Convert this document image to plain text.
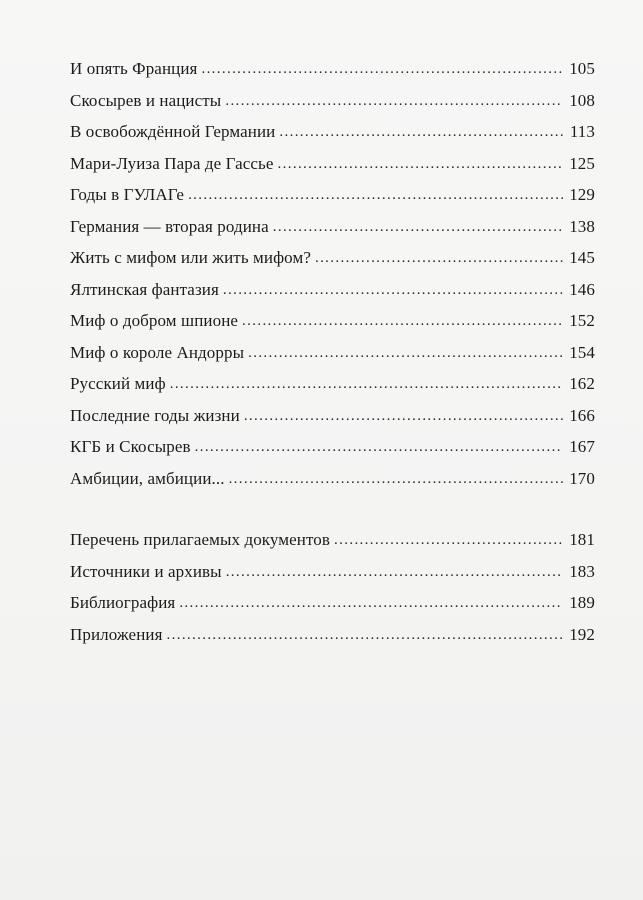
И опять Франция . . .	105
Скосырев и нацисты . . .	108
В освобождённой Германии . . .	113
Мари-Луиза Пара де Гассье . . .	125
Годы в ГУЛАГе . . .	129
Германия — вторая родина . . .	138
Жить с мифом или жить мифом? . . .	145
Ялтинская фантазия . . .	146
Миф о добром шпионе . . .	152
Миф о короле Андорры . . .	154
Русский миф . . .	162
Последние годы жизни . . .	166
КГБ и Скосырев . . .	167
Амбиции, амбиции... . . .	170
Перечень прилагаемых документов . . .	181
Источники и архивы . . .	183
Библиография . . .	189
Приложения . . .	192
